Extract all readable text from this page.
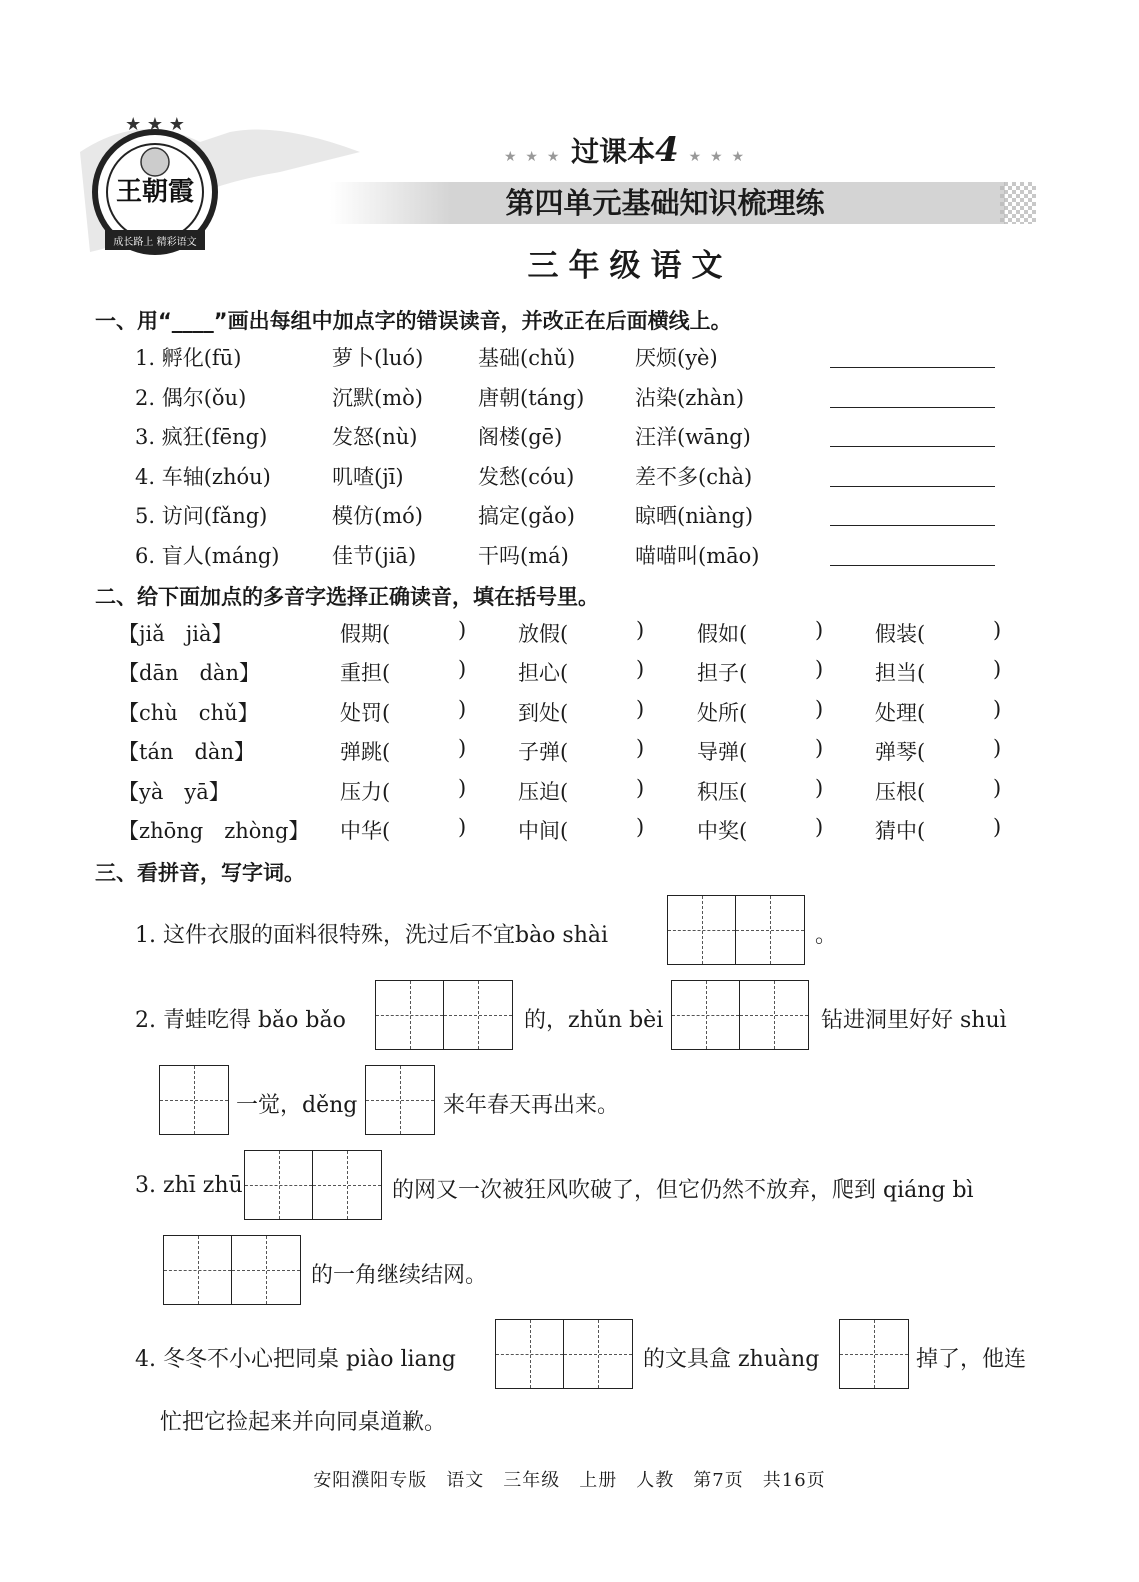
王朝霞
成长路上 精彩语文
★ ★ ★
★ ★ ★ 过课本4 ★ ★ ★
第四单元基础知识梳理练
三年级语文
一、用“____”画出每组中加点字的错误读音，并改正在后面横线上。
1. 孵化(fū)	萝卜(luó)	基础(chǔ)	厌烦(yè)
2. 偶尔(ǒu)	沉默(mò)	唐朝(táng) 沾染(zhàn)
3. 疯狂(fēng)	发怒(nù)	阁楼(gē)	汪洋(wāng)
4. 车轴(zhóu)	叽喳(jī)	发愁(cóu)	差不多(chà)
5. 访问(fǎng)	模仿(mó)	搞定(gǎo)	晾晒(niàng)
6. 盲人(máng)	佳节(jiā)	干吗(má)	喵喵叫(māo)
二、给下面加点的多音字选择正确读音，填在括号里。
【jiǎ　jià】	假期(	) 放假(	)	假如(	) 假装(	)
【dān　dàn】	重担(	) 担心(	)	担子(	) 担当(	)
【chù　chǔ】	处罚(	) 到处(	)	处所(	) 处理(	)
【tán　dàn】	弹跳(	) 子弹(	)	导弹(	) 弹琴(	)
【yà　yā】	压力(	) 压迫(	)	积压(	) 压根(	)
【zhōng　zhòng】 中华(	) 中间(	)	中奖(	) 猜中(	)
三、看拼音，写字词。
1. 这件衣服的面料很特殊，洗过后不宜bào shài	。
2. 青蛙吃得 bǎo bǎo	的，zhǔn bèi	钻进洞里好好 shuì
一觉，děng	来年春天再出来。
3. zhī zhū	的网又一次被狂风吹破了，但它仍然不放弃，爬到 qiáng bì
的一角继续结网。
4. 冬冬不小心把同桌 piào liang	的文具盒 zhuàng	掉了，他连
忙把它捡起来并向同桌道歉。
安阳濮阳专版　语文　三年级　上册　人教　第7页　共16页
